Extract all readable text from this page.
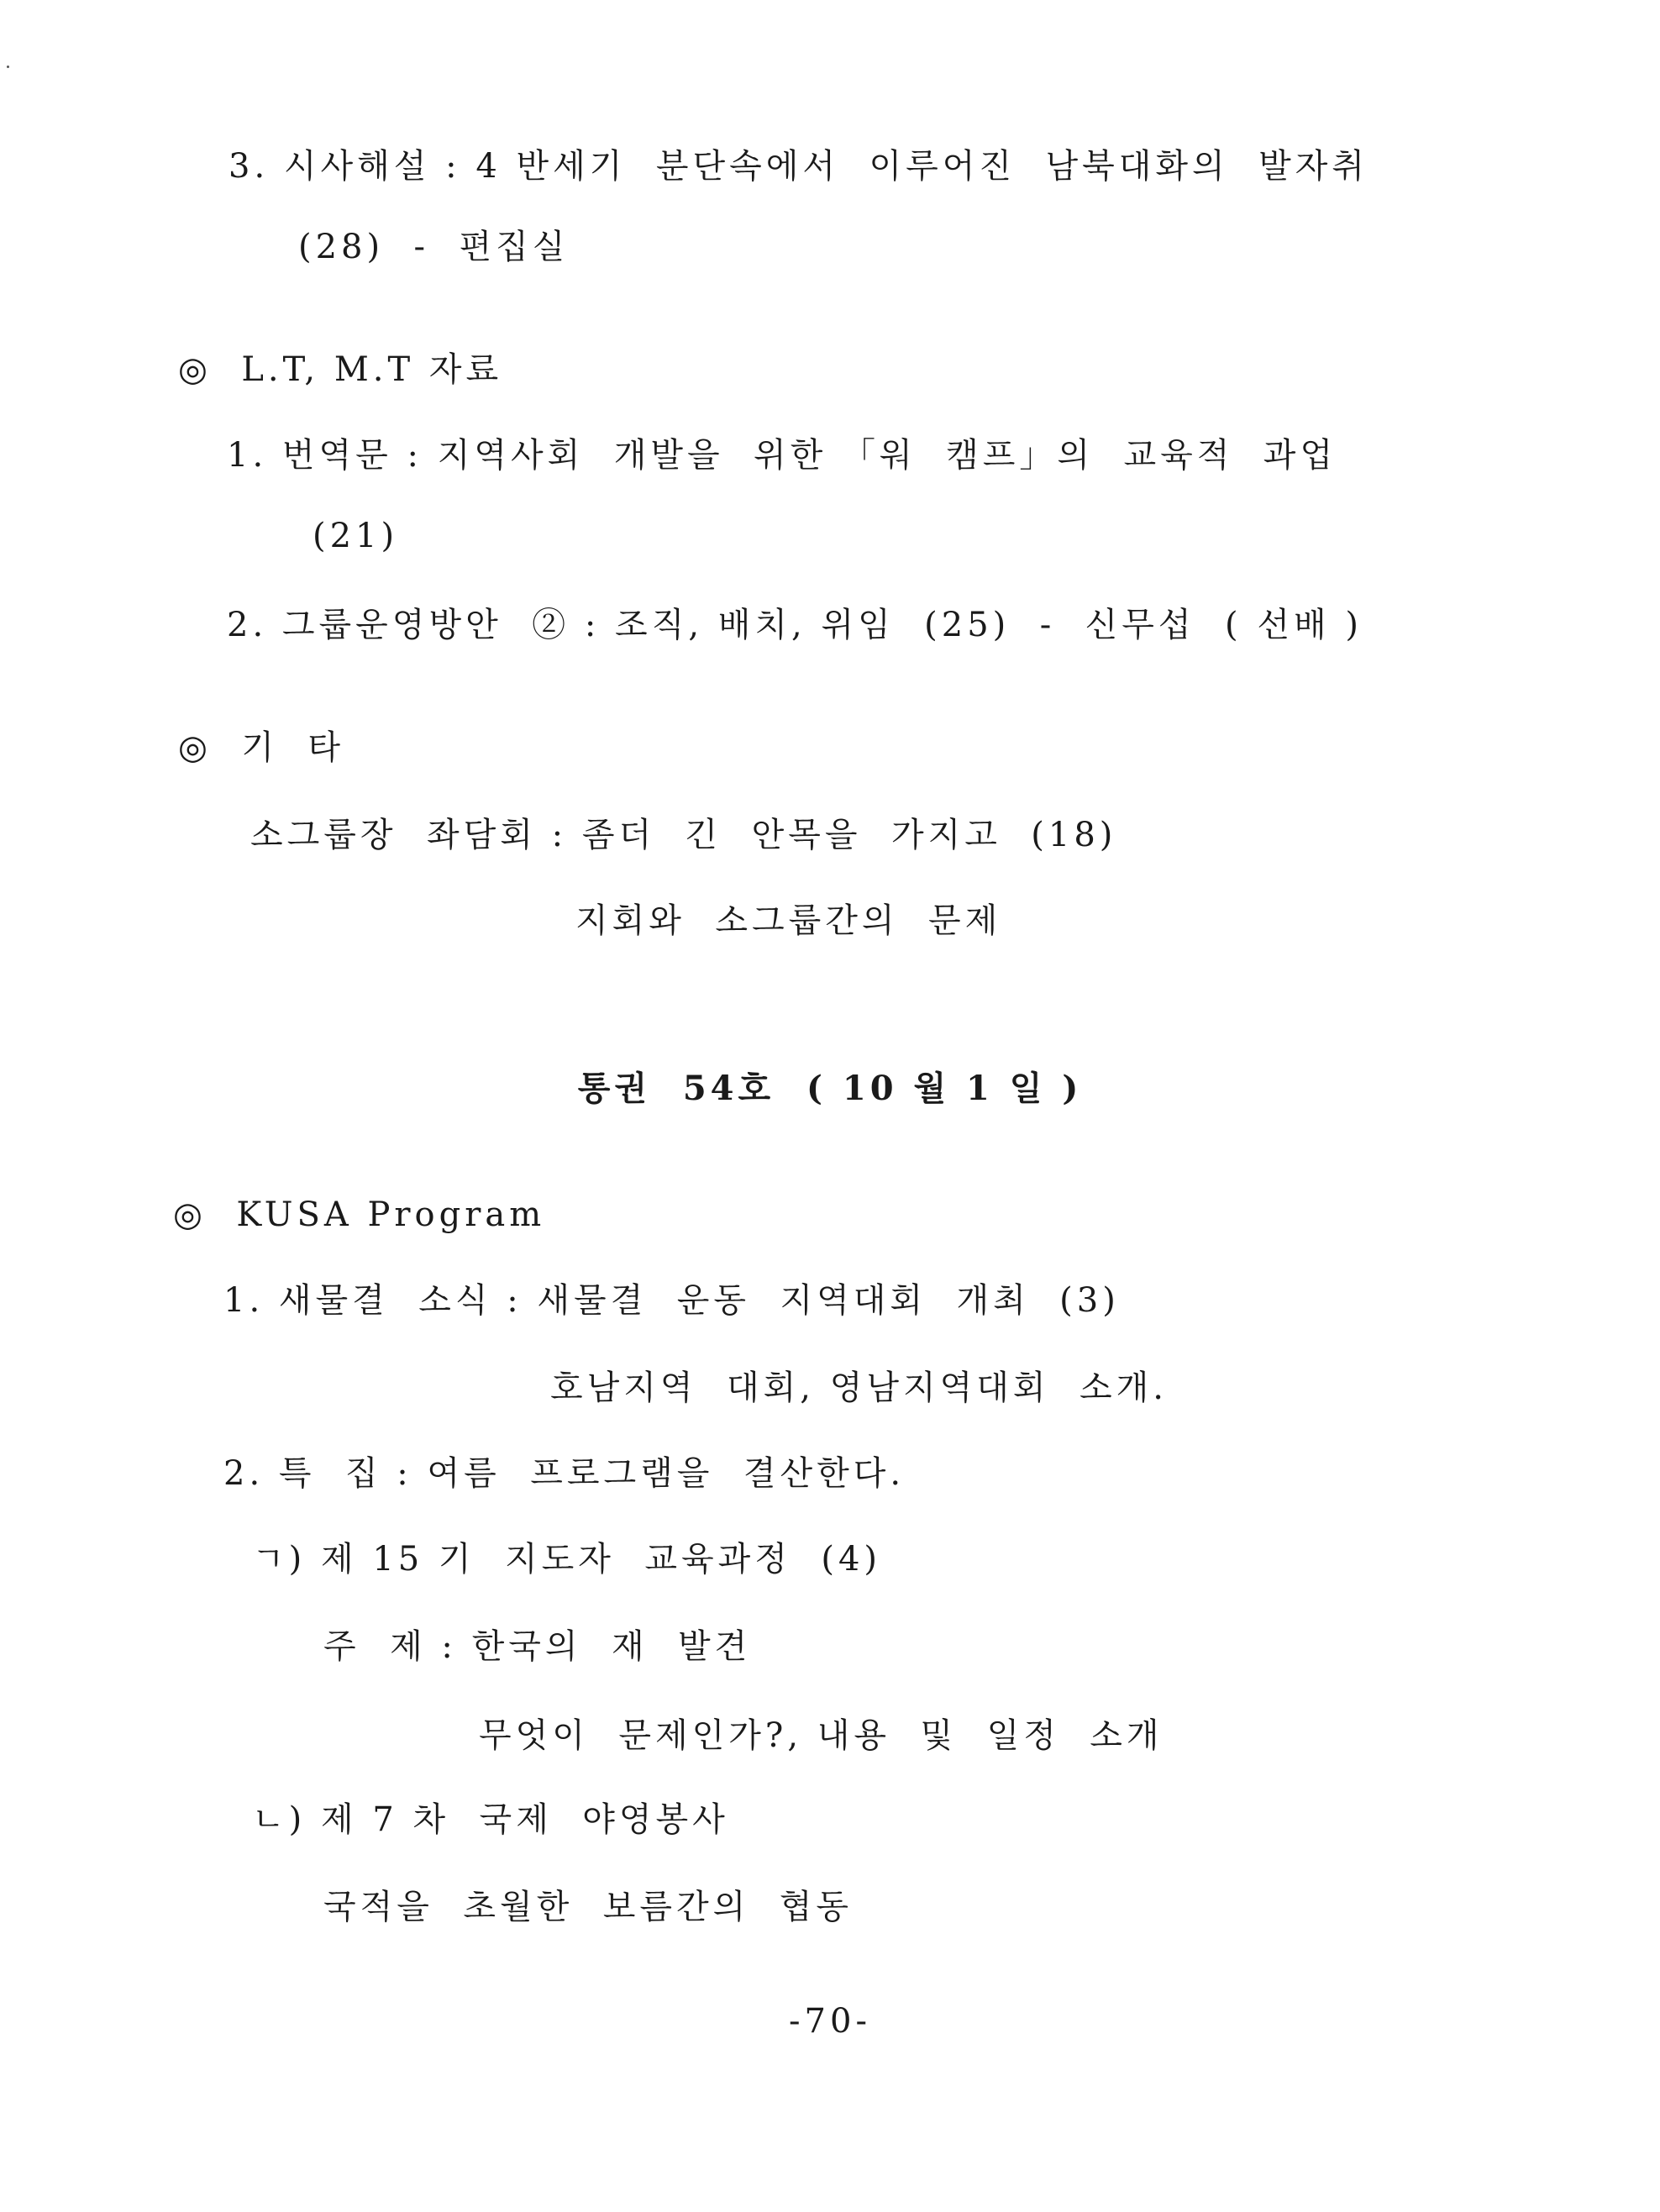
3. 시사해설 : 4 반세기  분단속에서  이루어진  남북대화의  발자취
(28)  -  편집실
◎  L.T, M.T 자료
1. 번역문 : 지역사회  개발을  위한 「워  캠프」의  교육적  과업
(21)
2. 그룹운영방안  ② : 조직, 배치, 위임  (25)  -  신무섭  ( 선배 )
◎  기  타
소그룹장  좌담회 : 좀더  긴  안목을  가지고  (18)
지회와  소그룹간의  문제
통권  54호  ( 10 월 1 일 )
◎  KUSA Program
1. 새물결  소식 : 새물결  운동  지역대회  개최  (3)
호남지역  대회, 영남지역대회  소개.
2. 특  집 : 여름  프로그램을  결산한다.
ㄱ) 제 15 기  지도자  교육과정  (4)
주  제 : 한국의  재  발견
무엇이  문제인가?, 내용  및  일정  소개
ㄴ) 제 7 차  국제  야영봉사
국적을  초월한  보름간의  협동
-70-
